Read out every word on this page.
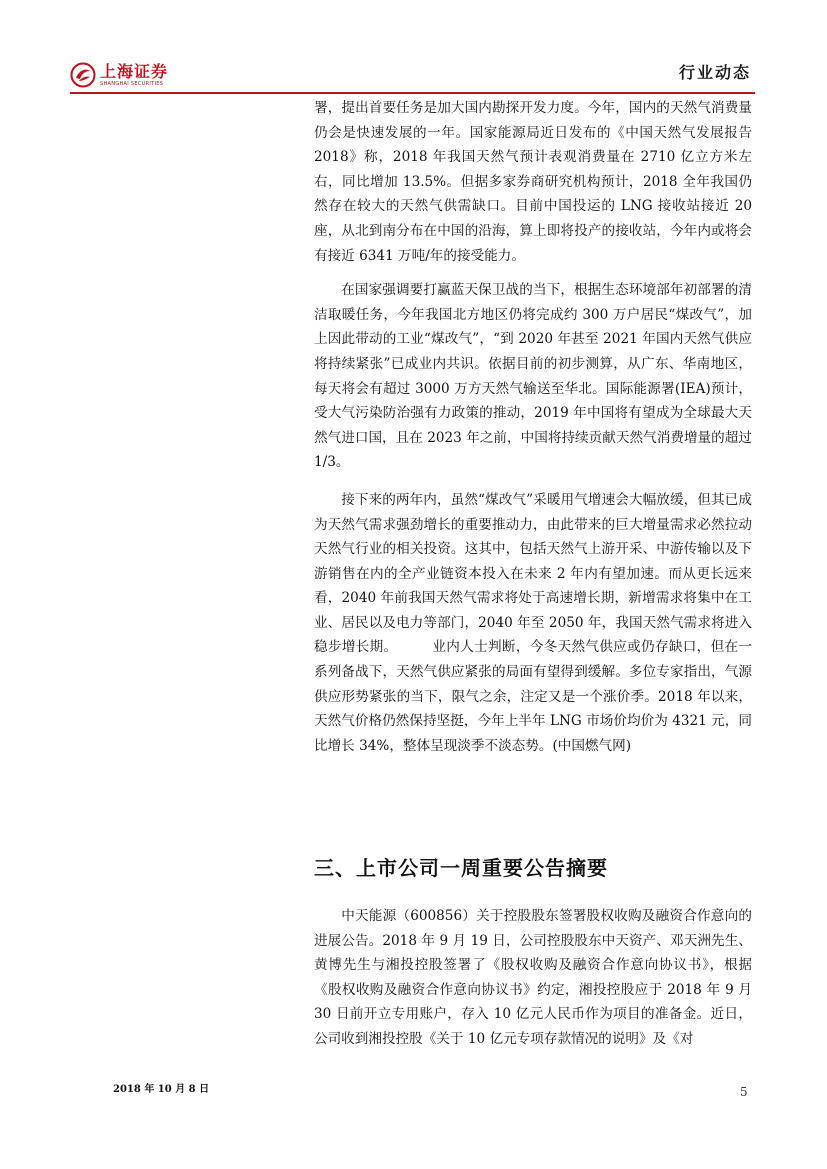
上海证券
SHANGHAI SECURITIES
行业动态

署，提出首要任务是加大国内勘探开发力度。今年，国内的天然气消费量仍会是快速发展的一年。国家能源局近日发布的《中国天然气发展报告 2018》称，2018 年我国天然气预计表观消费量在 2710 亿立方米左右，同比增加 13.5%。但据多家券商研究机构预计，2018 全年我国仍然存在较大的天然气供需缺口。目前中国投运的 LNG 接收站接近 20 座，从北到南分布在中国的沿海，算上即将投产的接收站，今年内或将会有接近 6341 万吨/年的接受能力。

在国家强调要打赢蓝天保卫战的当下，根据生态环境部年初部署的清洁取暖任务，今年我国北方地区仍将完成约 300 万户居民“煤改气”，加上因此带动的工业“煤改气”，“到 2020 年甚至 2021 年国内天然气供应将持续紧张”已成业内共识。依据目前的初步测算，从广东、华南地区，每天将会有超过 3000 万方天然气输送至华北。国际能源署(IEA)预计，受大气污染防治强有力政策的推动，2019 年中国将有望成为全球最大天然气进口国，且在 2023 年之前，中国将持续贡献天然气消费增量的超过 1/3。

接下来的两年内，虽然“煤改气”采暖用气增速会大幅放缓，但其已成为天然气需求强劲增长的重要推动力，由此带来的巨大增量需求必然拉动天然气行业的相关投资。这其中，包括天然气上游开采、中游传输以及下游销售在内的全产业链资本投入在未来 2 年内有望加速。而从更长远来看，2040 年前我国天然气需求将处于高速增长期，新增需求将集中在工业、居民以及电力等部门，2040 年至 2050 年，我国天然气需求将进入稳步增长期。　　　业内人士判断，今冬天然气供应或仍存缺口，但在一系列备战下，天然气供应紧张的局面有望得到缓解。多位专家指出，气源供应形势紧张的当下，限气之余，注定又是一个涨价季。2018 年以来，天然气价格仍然保持坚挺，今年上半年 LNG 市场价均价为 4321 元，同比增长 34%，整体呈现淡季不淡态势。(中国燃气网)

三、上市公司一周重要公告摘要

中天能源（600856）关于控股股东签署股权收购及融资合作意向的进展公告。2018 年 9 月 19 日，公司控股股东中天资产、邓天洲先生、黄博先生与湘投控股签署了《股权收购及融资合作意向协议书》，根据《股权收购及融资合作意向协议书》约定，湘投控股应于 2018 年 9 月 30 日前开立专用账户，存入 10 亿元人民币作为项目的准备金。近日，公司收到湘投控股《关于 10 亿元专项存款情况的说明》及《对

2018 年 10 月 8 日	5
